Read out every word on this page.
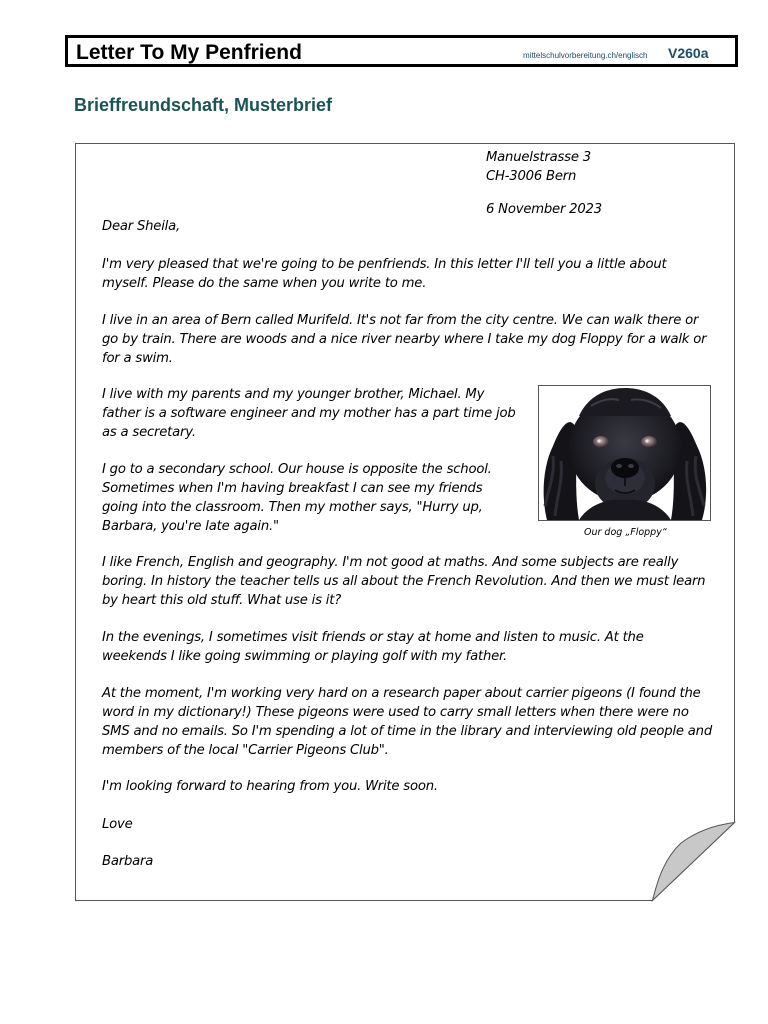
Letter To My Penfriend	mittelschulvorbereitung.ch/englisch V260a
Brieffreundschaft, Musterbrief
Manuelstrasse 3
CH-3006 Bern
6 November 2023
Dear Sheila,
I'm very pleased that we're going to be penfriends. In this letter I'll tell you a little about myself. Please do the same when you write to me.
I live in an area of Bern called Murifeld. It's not far from the city centre. We can walk there or go by train. There are woods and a nice river nearby where I take my dog Floppy for a walk or for a swim.
I live with my parents and my younger brother, Michael. My father is a software engineer and my mother has a part time job as a secretary.
I go to a secondary school. Our house is opposite the school. Sometimes when I'm having breakfast I can see my friends going into the classroom. Then my mother says, "Hurry up, Barbara, you're late again."
I like French, English and geography. I'm not good at maths. And some subjects are really boring. In history the teacher tells us all about the French Revolution. And then we must learn by heart this old stuff. What use is it?
In the evenings, I sometimes visit friends or stay at home and listen to music. At the weekends I like going swimming or playing golf with my father.
At the moment, I'm working very hard on a research paper about carrier pigeons (I found the word in my dictionary!) These pigeons were used to carry small letters when there were no SMS and no emails. So I'm spending a lot of time in the library and interviewing old people and members of the local "Carrier Pigeons Club".
I'm looking forward to hearing from you. Write soon.
Love
Barbara
Our dog „Floppy“
